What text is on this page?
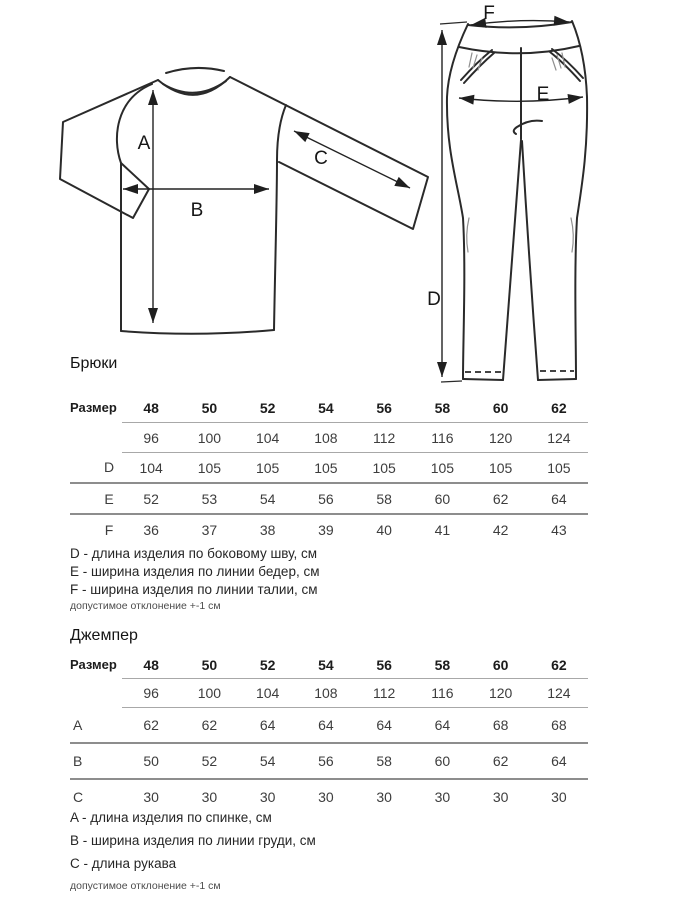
A
B
C
D
E
F
Брюки
Размер	48	50	52	54	56	58	60	62
	96	100	104	108	112	116	120	124
D	104	105	105	105	105	105	105	105
E	52	53	54	56	58	60	62	64
F	36	37	38	39	40	41	42	43
D - длина изделия по боковому шву, см
E - ширина изделия по линии бедер, см
F - ширина изделия по линии талии, см
допустимое отклонение +-1 см
Джемпер
Размер	48	50	52	54	56	58	60	62
	96	100	104	108	112	116	120	124
A	62	62	64	64	64	64	68	68
B	50	52	54	56	58	60	62	64
C	30	30	30	30	30	30	30	30
A - длина изделия по спинке, см
B - ширина изделия по линии груди, см
C - длина рукава
допустимое отклонение +-1 см
